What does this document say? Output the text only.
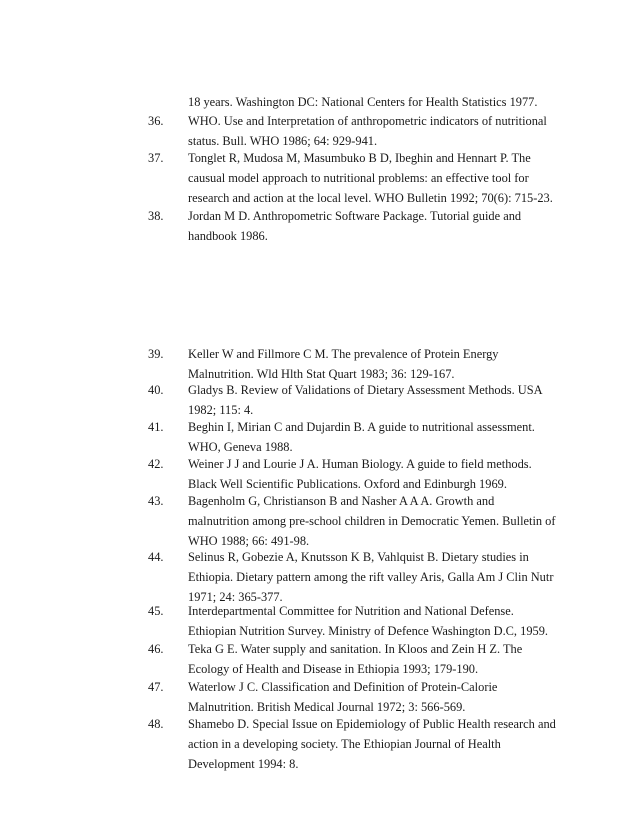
18 years. Washington DC: National Centers for Health Statistics 1977.
36. WHO. Use and Interpretation of anthropometric indicators of nutritional
status. Bull. WHO 1986; 64: 929-941.
37. Tonglet R, Mudosa M, Masumbuko B D, Ibeghin and Hennart P. The
causual model approach to nutritional problems: an effective tool for
research and action at the local level. WHO Bulletin 1992; 70(6): 715-23.
38. Jordan M D. Anthropometric Software Package. Tutorial guide and
handbook 1986.
39. Keller W and Fillmore C M. The prevalence of Protein Energy
Malnutrition. Wld Hlth Stat Quart 1983; 36: 129-167.
40. Gladys B. Review of Validations of Dietary Assessment Methods. USA
1982; 115: 4.
41. Beghin I, Mirian C and Dujardin B. A guide to nutritional assessment.
WHO, Geneva 1988.
42. Weiner J J and Lourie J A. Human Biology. A guide to field methods.
Black Well Scientific Publications. Oxford and Edinburgh 1969.
43. Bagenholm G, Christianson B and Nasher A A A. Growth and
malnutrition among pre-school children in Democratic Yemen. Bulletin of
WHO 1988; 66: 491-98.
44. Selinus R, Gobezie A, Knutsson K B, Vahlquist B. Dietary studies in
Ethiopia. Dietary pattern among the rift valley Aris, Galla Am J Clin Nutr
1971; 24: 365-377.
45. Interdepartmental Committee for Nutrition and National Defense.
Ethiopian Nutrition Survey. Ministry of Defence Washington D.C, 1959.
46. Teka G E. Water supply and sanitation. In Kloos and Zein H Z. The
Ecology of Health and Disease in Ethiopia 1993; 179-190.
47. Waterlow J C. Classification and Definition of Protein-Calorie
Malnutrition. British Medical Journal 1972; 3: 566-569.
48. Shamebo D. Special Issue on Epidemiology of Public Health research and
action in a developing society. The Ethiopian Journal of Health
Development 1994: 8.
